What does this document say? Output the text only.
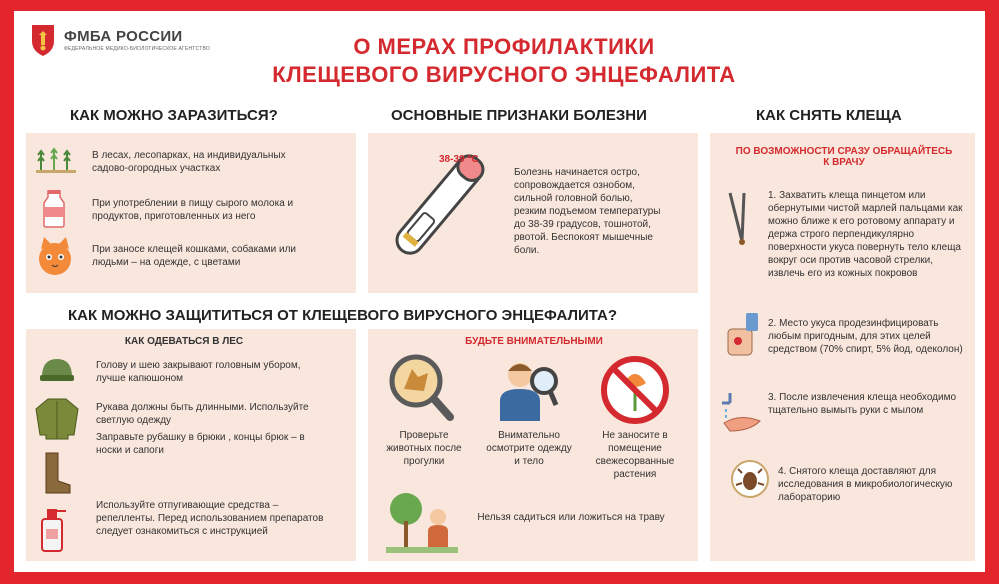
ФМБА РОССИИ
ФЕДЕРАЛЬНОЕ МЕДИКО-БИОЛОГИЧЕСКОЕ АГЕНТСТВО	О МЕРАХ ПРОФИЛАКТИКИ
КЛЕЩЕВОГО ВИРУСНОГО ЭНЦЕФАЛИТА
КАК МОЖНО ЗАРАЗИТЬСЯ?	ОСНОВНЫЕ ПРИЗНАКИ БОЛЕЗНИ	КАК СНЯТЬ КЛЕЩА
В лесах, лесопарках, на индивидуальных садово-огородных участках
При употреблении в пищу сырого молока и продуктов, приготовленных из него
При заносе клещей кошками, собаками или людьми – на одежде, с цветами
38-39 °С
Болезнь начинается остро, сопровождается ознобом, сильной головной болью, резким подъемом температуры до 38-39 градусов, тошнотой, рвотой. Беспокоят мышечные боли.
ПО ВОЗМОЖНОСТИ СРАЗУ ОБРАЩАЙТЕСЬ К ВРАЧУ
1. Захватить клеща пинцетом или обернутыми чистой марлей пальцами как можно ближе к его ротовому аппарату и держа строго перпендикулярно поверхности укуса повернуть тело клеща вокруг оси против часовой стрелки, извлечь его из кожных покровов
2. Место укуса продезинфицировать любым пригодным, для этих целей средством (70% спирт, 5% йод, одеколон)
3. После извлечения клеща необходимо тщательно вымыть руки с мылом
4. Снятого клеща доставляют для исследования в микробиологическую лабораторию
КАК МОЖНО ЗАЩИТИТЬСЯ ОТ КЛЕЩЕВОГО ВИРУСНОГО ЭНЦЕФАЛИТА?
КАК ОДЕВАТЬСЯ В ЛЕС
Голову и шею закрывают головным убором, лучше капюшоном
Рукава должны быть длинными. Используйте светлую одежду
Заправьте рубашку в брюки , концы брюк – в носки и сапоги
Используйте отпугивающие средства – репелленты. Перед использованием препаратов следует ознакомиться с инструкцией
БУДЬТЕ ВНИМАТЕЛЬНЫМИ
Проверьте животных после прогулки
Внимательно осмотрите одежду и тело
Не заносите в помещение свежесорванные растения
Нельзя садиться или ложиться на траву
